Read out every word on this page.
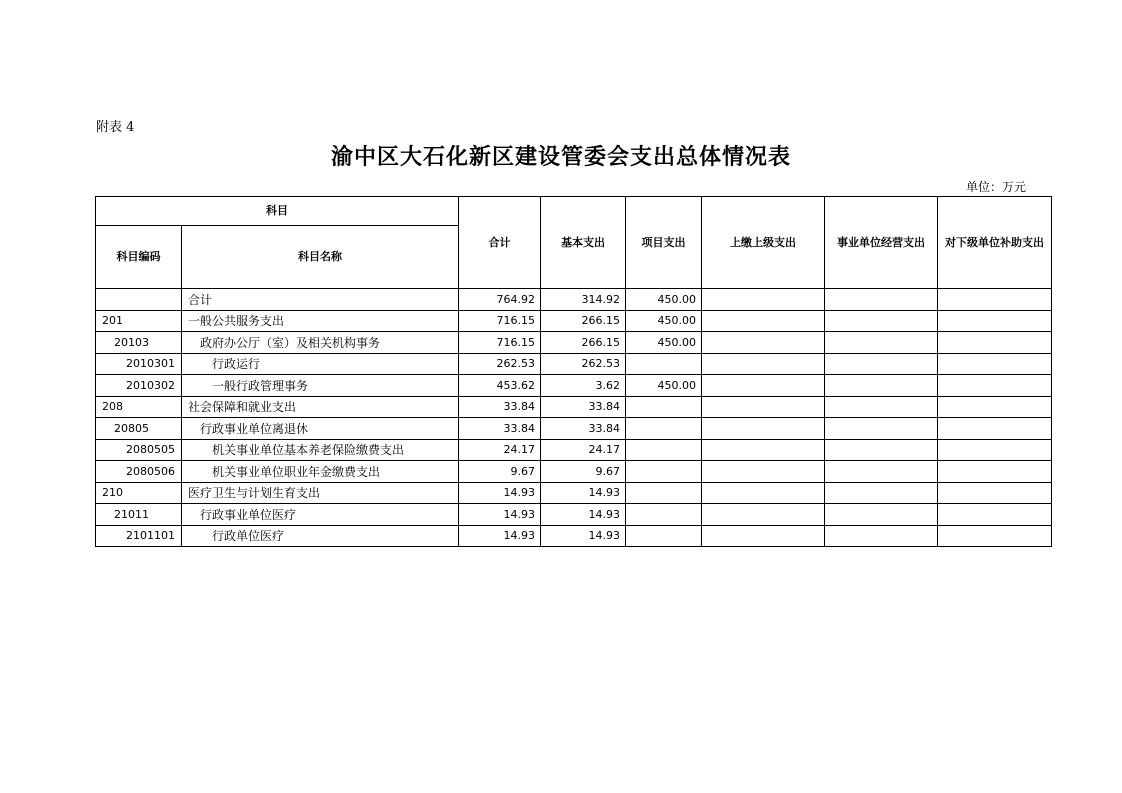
附表 4
渝中区大石化新区建设管委会支出总体情况表
单位：万元
科目		合计	基本支出	项目支出	上缴上级支出	事业单位经营支出	对下级单位补助支出
科目编码	科目名称						
	合计	764.92	314.92	450.00			
201	一般公共服务支出	716.15	266.15	450.00			
20103	政府办公厅（室）及相关机构事务	716.15	266.15	450.00			
2010301	行政运行	262.53	262.53				
2010302	一般行政管理事务	453.62	3.62	450.00			
208	社会保障和就业支出	33.84	33.84				
20805	行政事业单位离退休	33.84	33.84				
2080505	机关事业单位基本养老保险缴费支出	24.17	24.17				
2080506	机关事业单位职业年金缴费支出	9.67	9.67				
210	医疗卫生与计划生育支出	14.93	14.93				
21011	行政事业单位医疗	14.93	14.93				
2101101	行政单位医疗	14.93	14.93				
